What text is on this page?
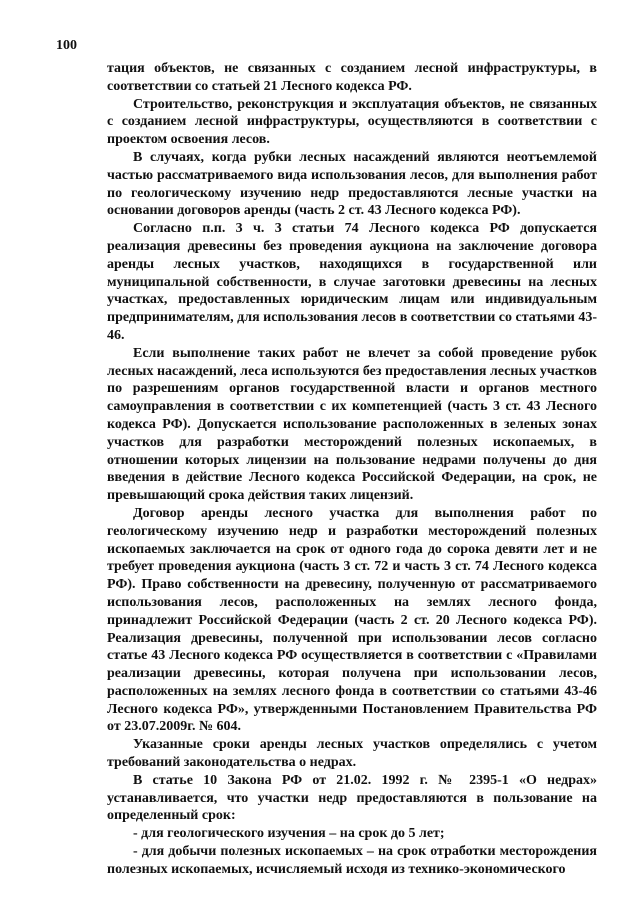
100

тация объектов, не связанных с созданием лесной инфраструктуры, в соответствии со статьей 21 Лесного кодекса РФ.

Строительство, реконструкция и эксплуатация объектов, не связанных с созданием лесной инфраструктуры, осуществляются в соответствии с проектом освоения лесов.

В случаях, когда рубки лесных насаждений являются неотъемлемой частью рассматриваемого вида использования лесов, для выполнения работ по геологическому изучению недр предоставляются лесные участки на основании договоров аренды (часть 2 ст. 43 Лесного кодекса РФ).

Согласно п.п. 3 ч. 3 статьи 74 Лесного кодекса РФ допускается реализация древесины без проведения аукциона на заключение договора аренды лесных участков, находящихся в государственной или муниципальной собственности, в случае заготовки древесины на лесных участках, предоставленных юридическим лицам или индивидуальным предпринимателям, для использования лесов в соответствии со статьями 43-46.

Если выполнение таких работ не влечет за собой проведение рубок лесных насаждений, леса используются без предоставления лесных участков по разрешениям органов государственной власти и органов местного самоуправления в соответствии с их компетенцией (часть 3 ст. 43 Лесного кодекса РФ). Допускается использование расположенных в зеленых зонах участков для разработки месторождений полезных ископаемых, в отношении которых лицензии на пользование недрами получены до дня введения в действие Лесного кодекса Российской Федерации, на срок, не превышающий срока действия таких лицензий.

Договор аренды лесного участка для выполнения работ по геологическому изучению недр и разработки месторождений полезных ископаемых заключается на срок от одного года до сорока девяти лет и не требует проведения аукциона (часть 3 ст. 72 и часть 3 ст. 74 Лесного кодекса РФ). Право собственности на древесину, полученную от рассматриваемого использования лесов, расположенных на землях лесного фонда, принадлежит Российской Федерации (часть 2 ст. 20 Лесного кодекса РФ). Реализация древесины, полученной при использовании лесов согласно статье 43 Лесного кодекса РФ осуществляется в соответствии с «Правилами реализации древесины, которая получена при использовании лесов, расположенных на землях лесного фонда в соответствии со статьями 43-46 Лесного кодекса РФ», утвержденными Постановлением Правительства РФ от 23.07.2009г. № 604.

Указанные сроки аренды лесных участков определялись с учетом требований законодательства о недрах.

В статье 10 Закона РФ от 21.02. 1992 г. № 2395-1 «О недрах» устанавливается, что участки недр предоставляются в пользование на определенный срок:

- для геологического изучения – на срок до 5 лет;

- для добычи полезных ископаемых – на срок отработки месторождения полезных ископаемых, исчисляемый исходя из технико-экономического
